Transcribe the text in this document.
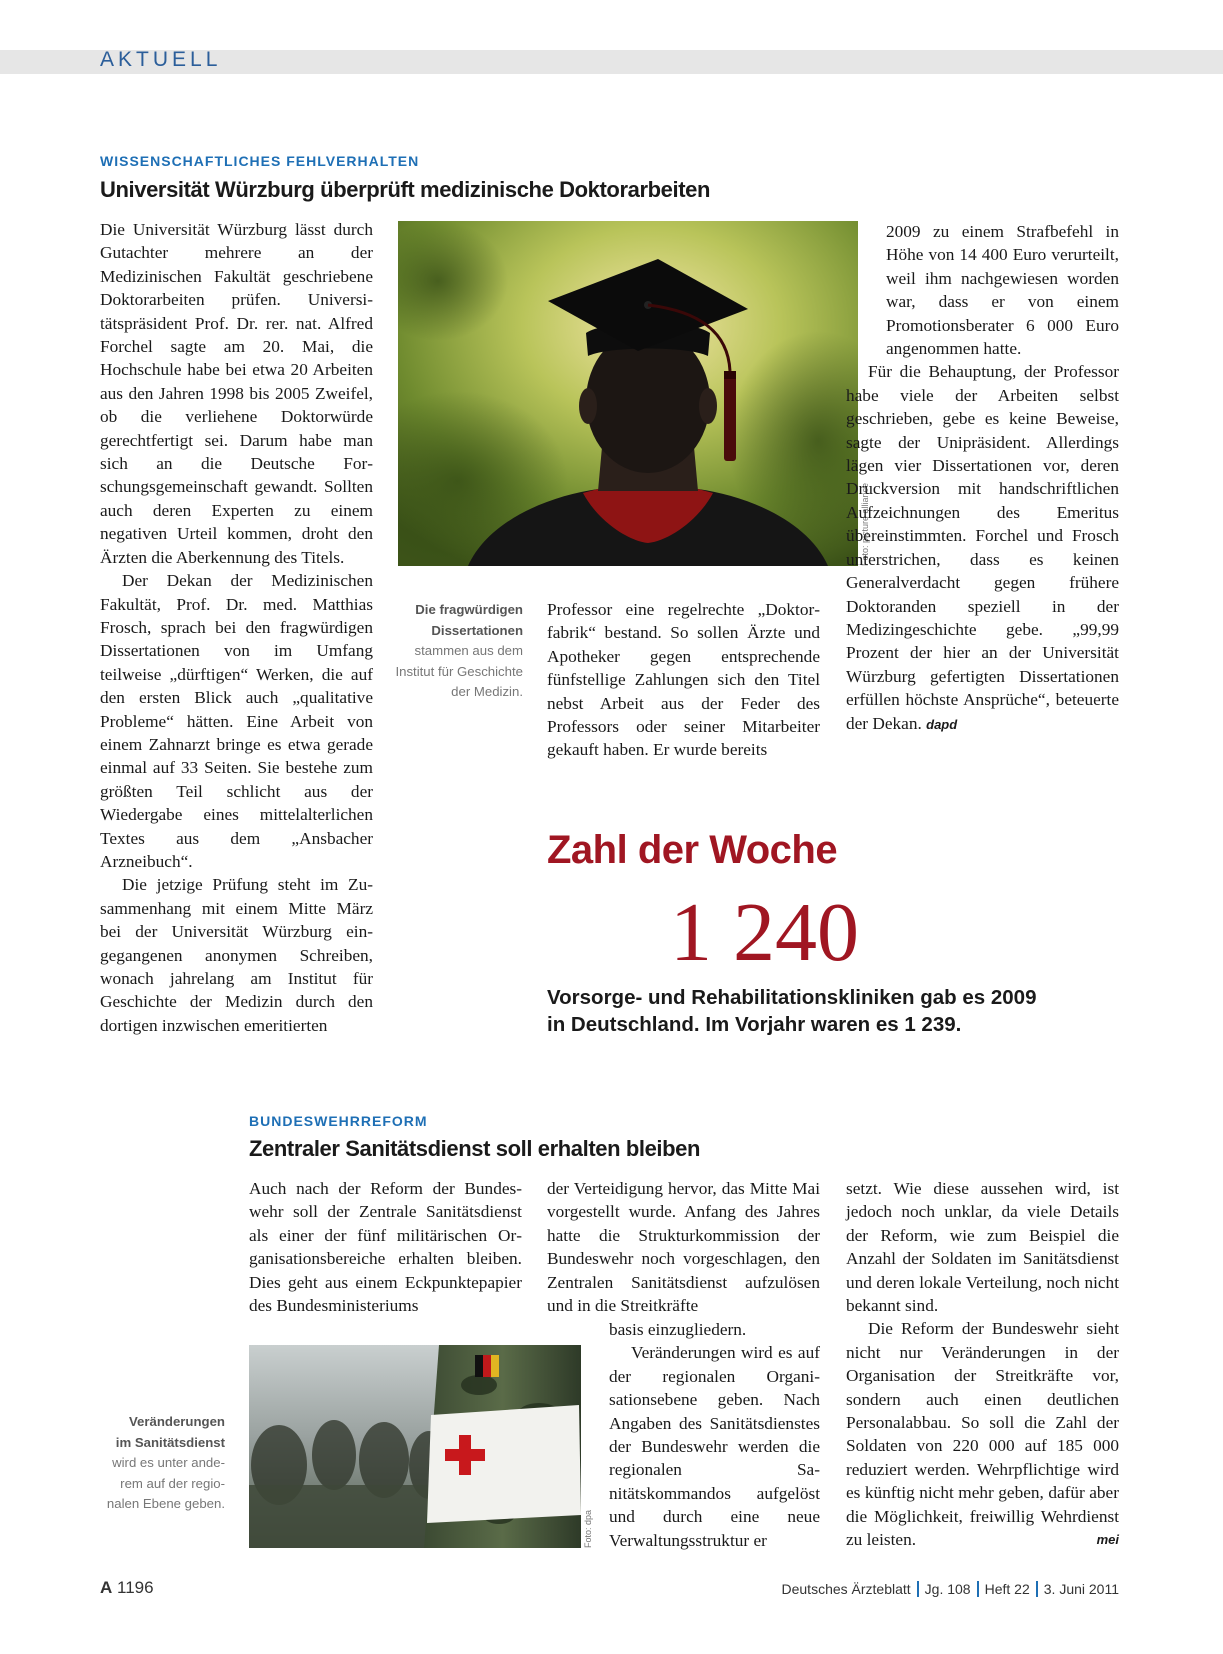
AKTUELL
WISSENSCHAFTLICHES FEHLVERHALTEN
Universität Würzburg überprüft medizinische Doktorarbeiten

Die Universität Würzburg lässt durch Gutachter mehrere an der Medizinischen Fakultät geschriebene Doktorarbeiten prüfen. Universitätspräsident Prof. Dr. rer. nat. Alfred Forchel sagte am 20. Mai, die Hochschule habe bei etwa 20 Arbeiten aus den Jahren 1998 bis 2005 Zweifel, ob die verliehene Doktorwürde gerechtfertigt sei. Darum habe man sich an die Deutsche Forschungsgemeinschaft gewandt. Sollten auch deren Experten zu einem negativen Urteil kommen, droht den Ärzten die Aberkennung des Titels.

Der Dekan der Medizinischen Fakultät, Prof. Dr. med. Matthias Frosch, sprach bei den fragwürdigen Dissertationen von im Umfang teilweise „dürftigen“ Werken, die auf den ersten Blick auch „qualitative Probleme“ hätten. Eine Arbeit von einem Zahnarzt bringe es etwa gerade einmal auf 33 Seiten. Sie bestehe zum größten Teil schlicht aus der Wiedergabe eines mittelalterlichen Textes aus dem „Ansbacher Arzneibuch“.

Die jetzige Prüfung steht im Zusammenhang mit einem Mitte März bei der Universität Würzburg eingegangenen anonymen Schreiben, wonach jahrelang am Institut für Geschichte der Medizin durch den dortigen inzwischen emeritierten

Foto: picture alliance
Die fragwürdigen Dissertationen stammen aus dem Institut für Geschichte der Medizin.

Professor eine regelrechte „Doktorfabrik“ bestand. So sollen Ärzte und Apotheker gegen entsprechende fünfstellige Zahlungen sich den Titel nebst Arbeit aus der Feder des Professors oder seiner Mitarbeiter gekauft haben. Er wurde bereits

2009 zu einem Strafbefehl in Höhe von 14 400 Euro verurteilt, weil ihm nachgewiesen worden war, dass er von einem Promotionsberater 6 000 Euro angenommen hatte.

Für die Behauptung, der Professor habe viele der Arbeiten selbst geschrieben, gebe es keine Beweise, sagte der Unipräsident. Allerdings lägen vier Dissertationen vor, deren Druckversion mit handschriftlichen Aufzeichnungen des Emeritus übereinstimmten. Forchel und Frosch unterstrichen, dass es keinen Generalverdacht gegen frühere Doktoranden speziell in der Medizingeschichte gebe. „99,99 Prozent der hier an der Universität Würzburg gefertigten Dissertationen erfüllen höchste Ansprüche“, beteuerte der Dekan. dapd

Zahl der Woche
1 240
Vorsorge- und Rehabilitationskliniken gab es 2009
in Deutschland. Im Vorjahr waren es 1 239.
BUNDESWEHRREFORM
Zentraler Sanitätsdienst soll erhalten bleiben

Auch nach der Reform der Bundeswehr soll der Zentrale Sanitätsdienst als einer der fünf militärischen Organisationsbereiche erhalten bleiben. Dies geht aus einem Eckpunktepapier des Bundesministeriums

der Verteidigung hervor, das Mitte Mai vorgestellt wurde. Anfang des Jahres hatte die Strukturkommission der Bundeswehr noch vorgeschlagen, den Zentralen Sanitätsdienst aufzulösen und in die Streitkräfte

basis einzugliedern.

Veränderungen wird es auf der regionalen Organisationsebene geben. Nach Angaben des Sanitätsdienstes der Bundeswehr werden die regionalen Sanitätskommandos aufgelöst und durch eine neue Verwaltungsstruktur er

setzt. Wie diese aussehen wird, ist jedoch noch unklar, da viele Details der Reform, wie zum Beispiel die Anzahl der Soldaten im Sanitätsdienst und deren lokale Verteilung, noch nicht bekannt sind.

Die Reform der Bundeswehr sieht nicht nur Veränderungen in der Organisation der Streitkräfte vor, sondern auch einen deutlichen Personalabbau. So soll die Zahl der Soldaten von 220 000 auf 185 000 reduziert werden. Wehrpflichtige wird es künftig nicht mehr geben, dafür aber die Möglichkeit, freiwillig Wehrdienst zu leisten.	mei

Foto: dpa
Veränderungen
im Sanitätsdienst
wird es unter anderem auf der regionalen Ebene geben.
A 1196	Deutsches Ärzteblatt Jg. 108 Heft 22 3. Juni 2011
